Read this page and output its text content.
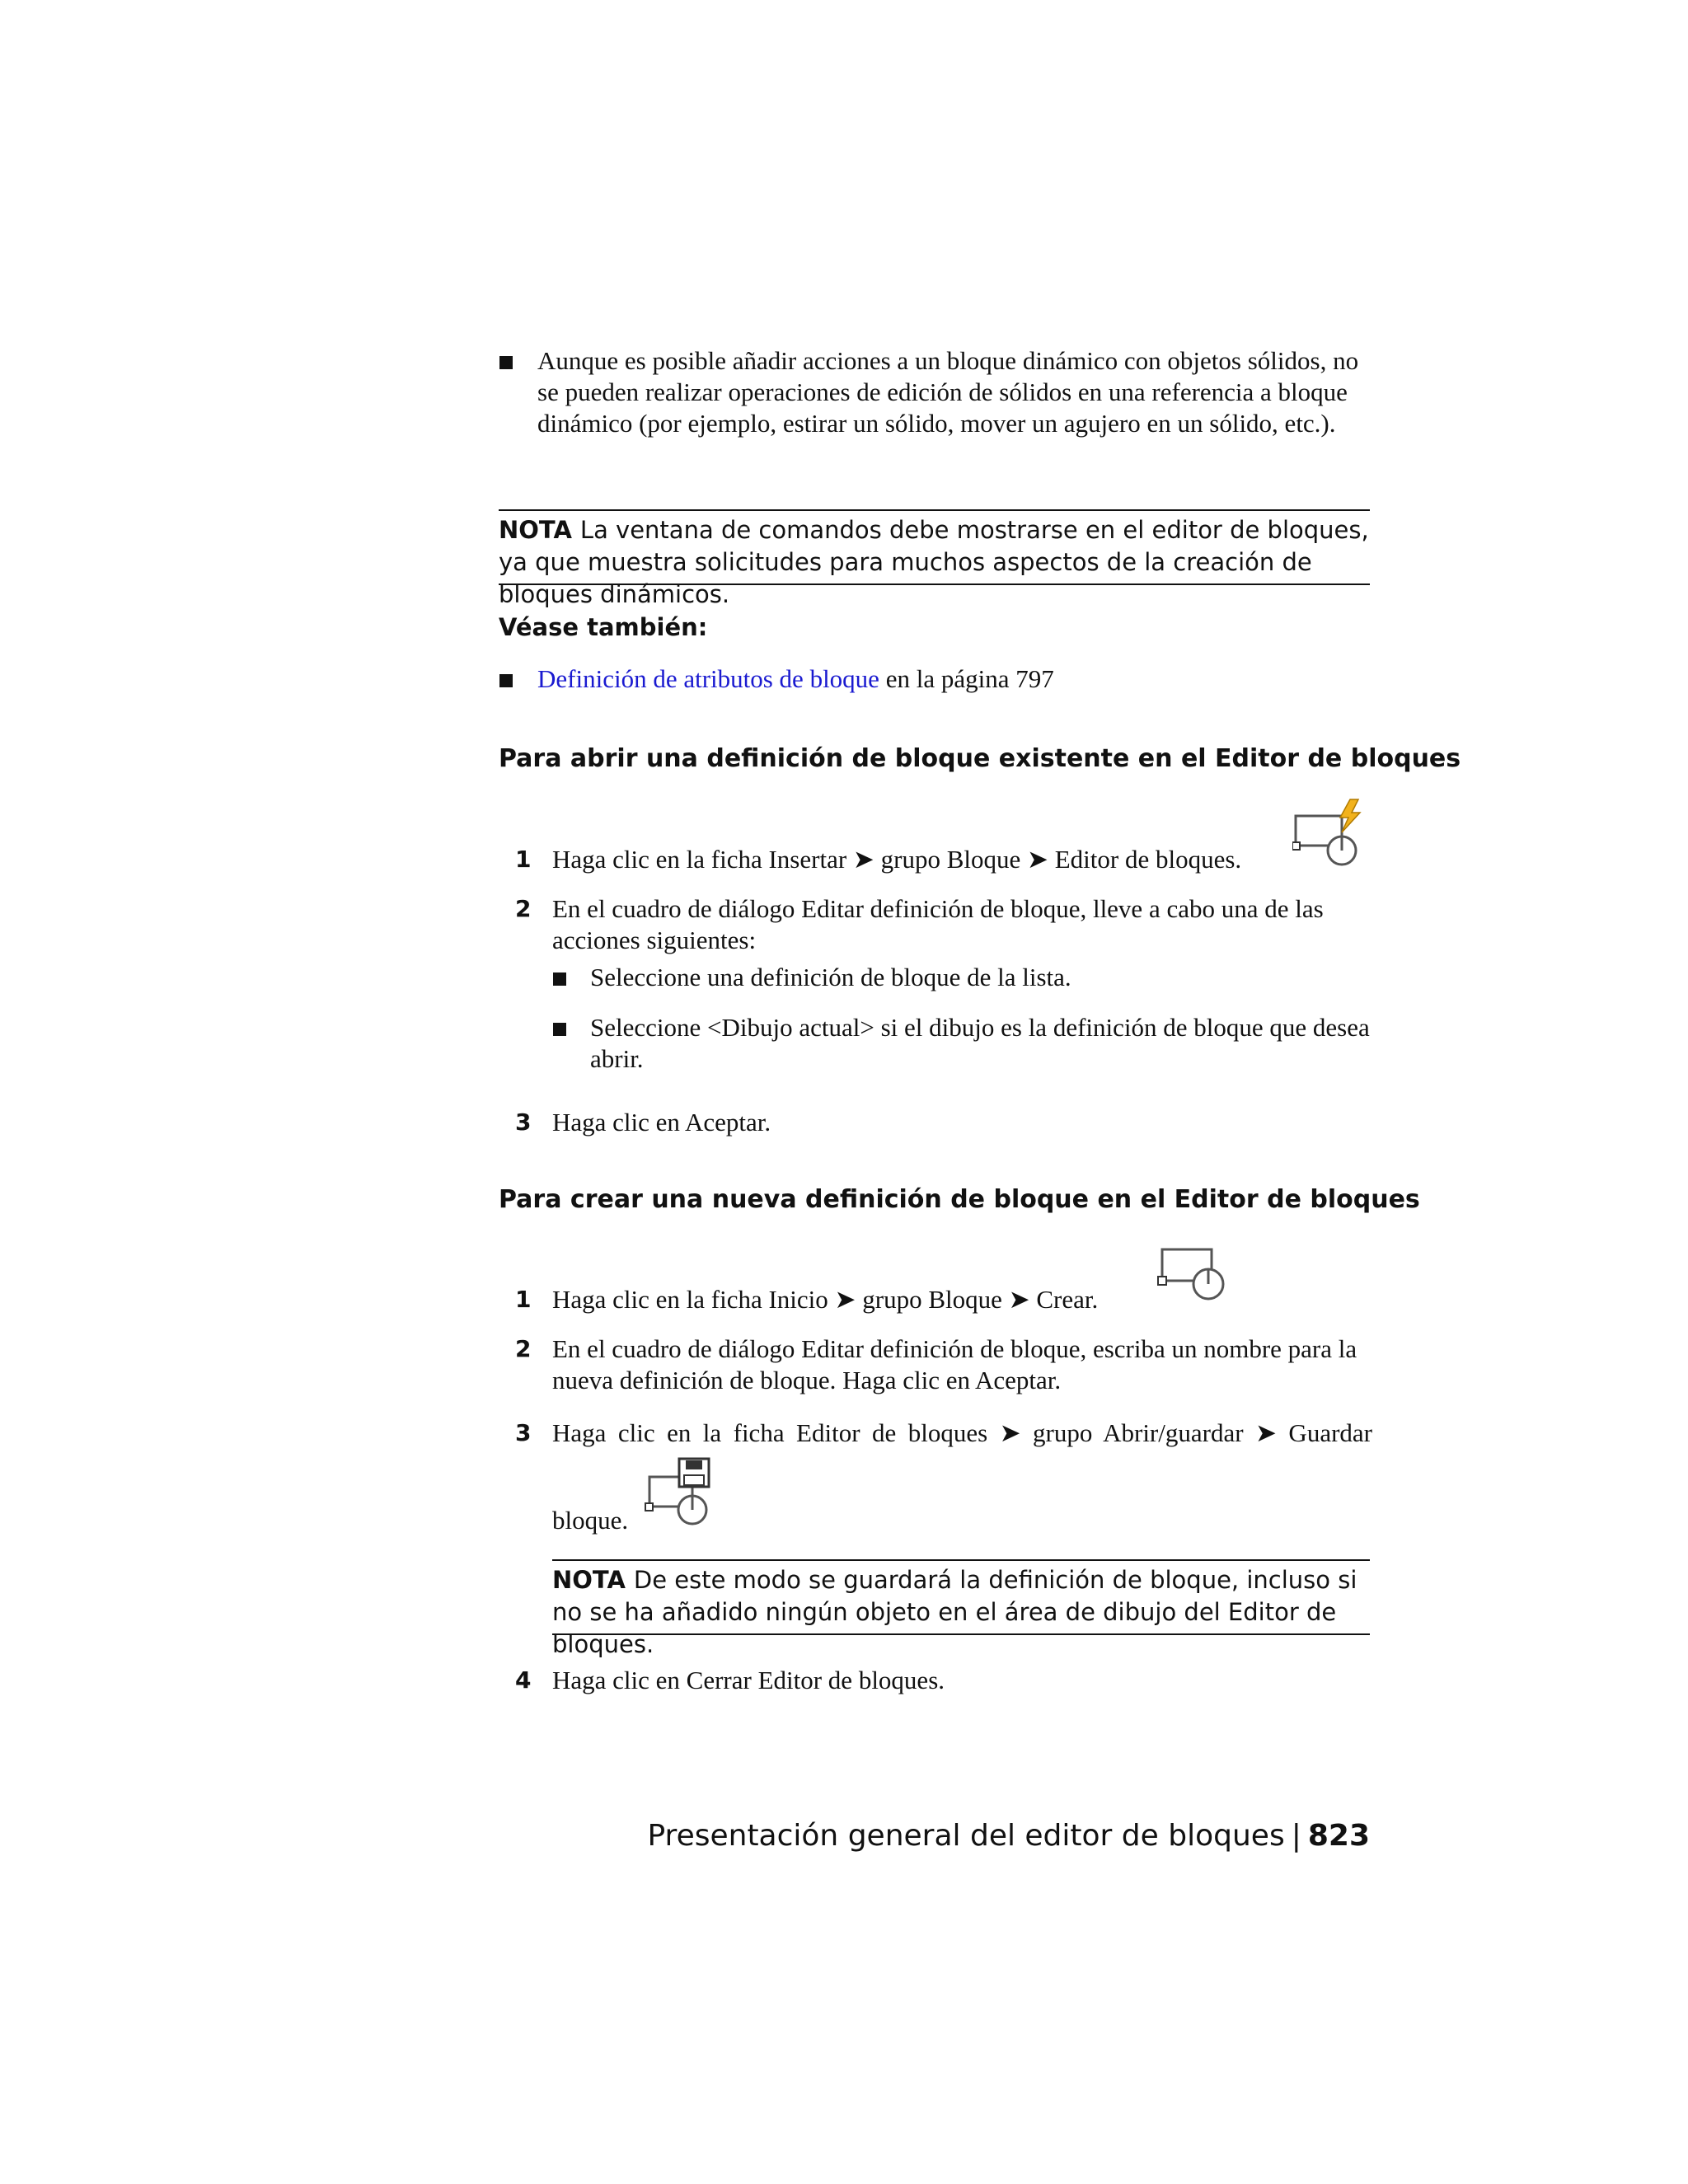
Aunque es posible añadir acciones a un bloque dinámico con objetos sólidos, no se pueden realizar operaciones de edición de sólidos en una referencia a bloque dinámico (por ejemplo, estirar un sólido, mover un agujero en un sólido, etc.).
NOTA La ventana de comandos debe mostrarse en el editor de bloques, ya que muestra solicitudes para muchos aspectos de la creación de bloques dinámicos.
Véase también:
Definición de atributos de bloque en la página 797
Para abrir una definición de bloque existente en el Editor de bloques
1 Haga clic en la ficha Insertar ➤ grupo Bloque ➤ Editor de bloques.
2 En el cuadro de diálogo Editar definición de bloque, lleve a cabo una de las acciones siguientes:
Seleccione una definición de bloque de la lista.
Seleccione <Dibujo actual> si el dibujo es la definición de bloque que desea abrir.
3 Haga clic en Aceptar.
Para crear una nueva definición de bloque en el Editor de bloques
1 Haga clic en la ficha Inicio ➤ grupo Bloque ➤ Crear.
2 En el cuadro de diálogo Editar definición de bloque, escriba un nombre para la nueva definición de bloque. Haga clic en Aceptar.
3 Haga clic en la ficha Editor de bloques ➤ grupo Abrir/guardar ➤ Guardar
bloque.
NOTA De este modo se guardará la definición de bloque, incluso si no se ha añadido ningún objeto en el área de dibujo del Editor de bloques.
4 Haga clic en Cerrar Editor de bloques.
Presentación general del editor de bloques | 823
